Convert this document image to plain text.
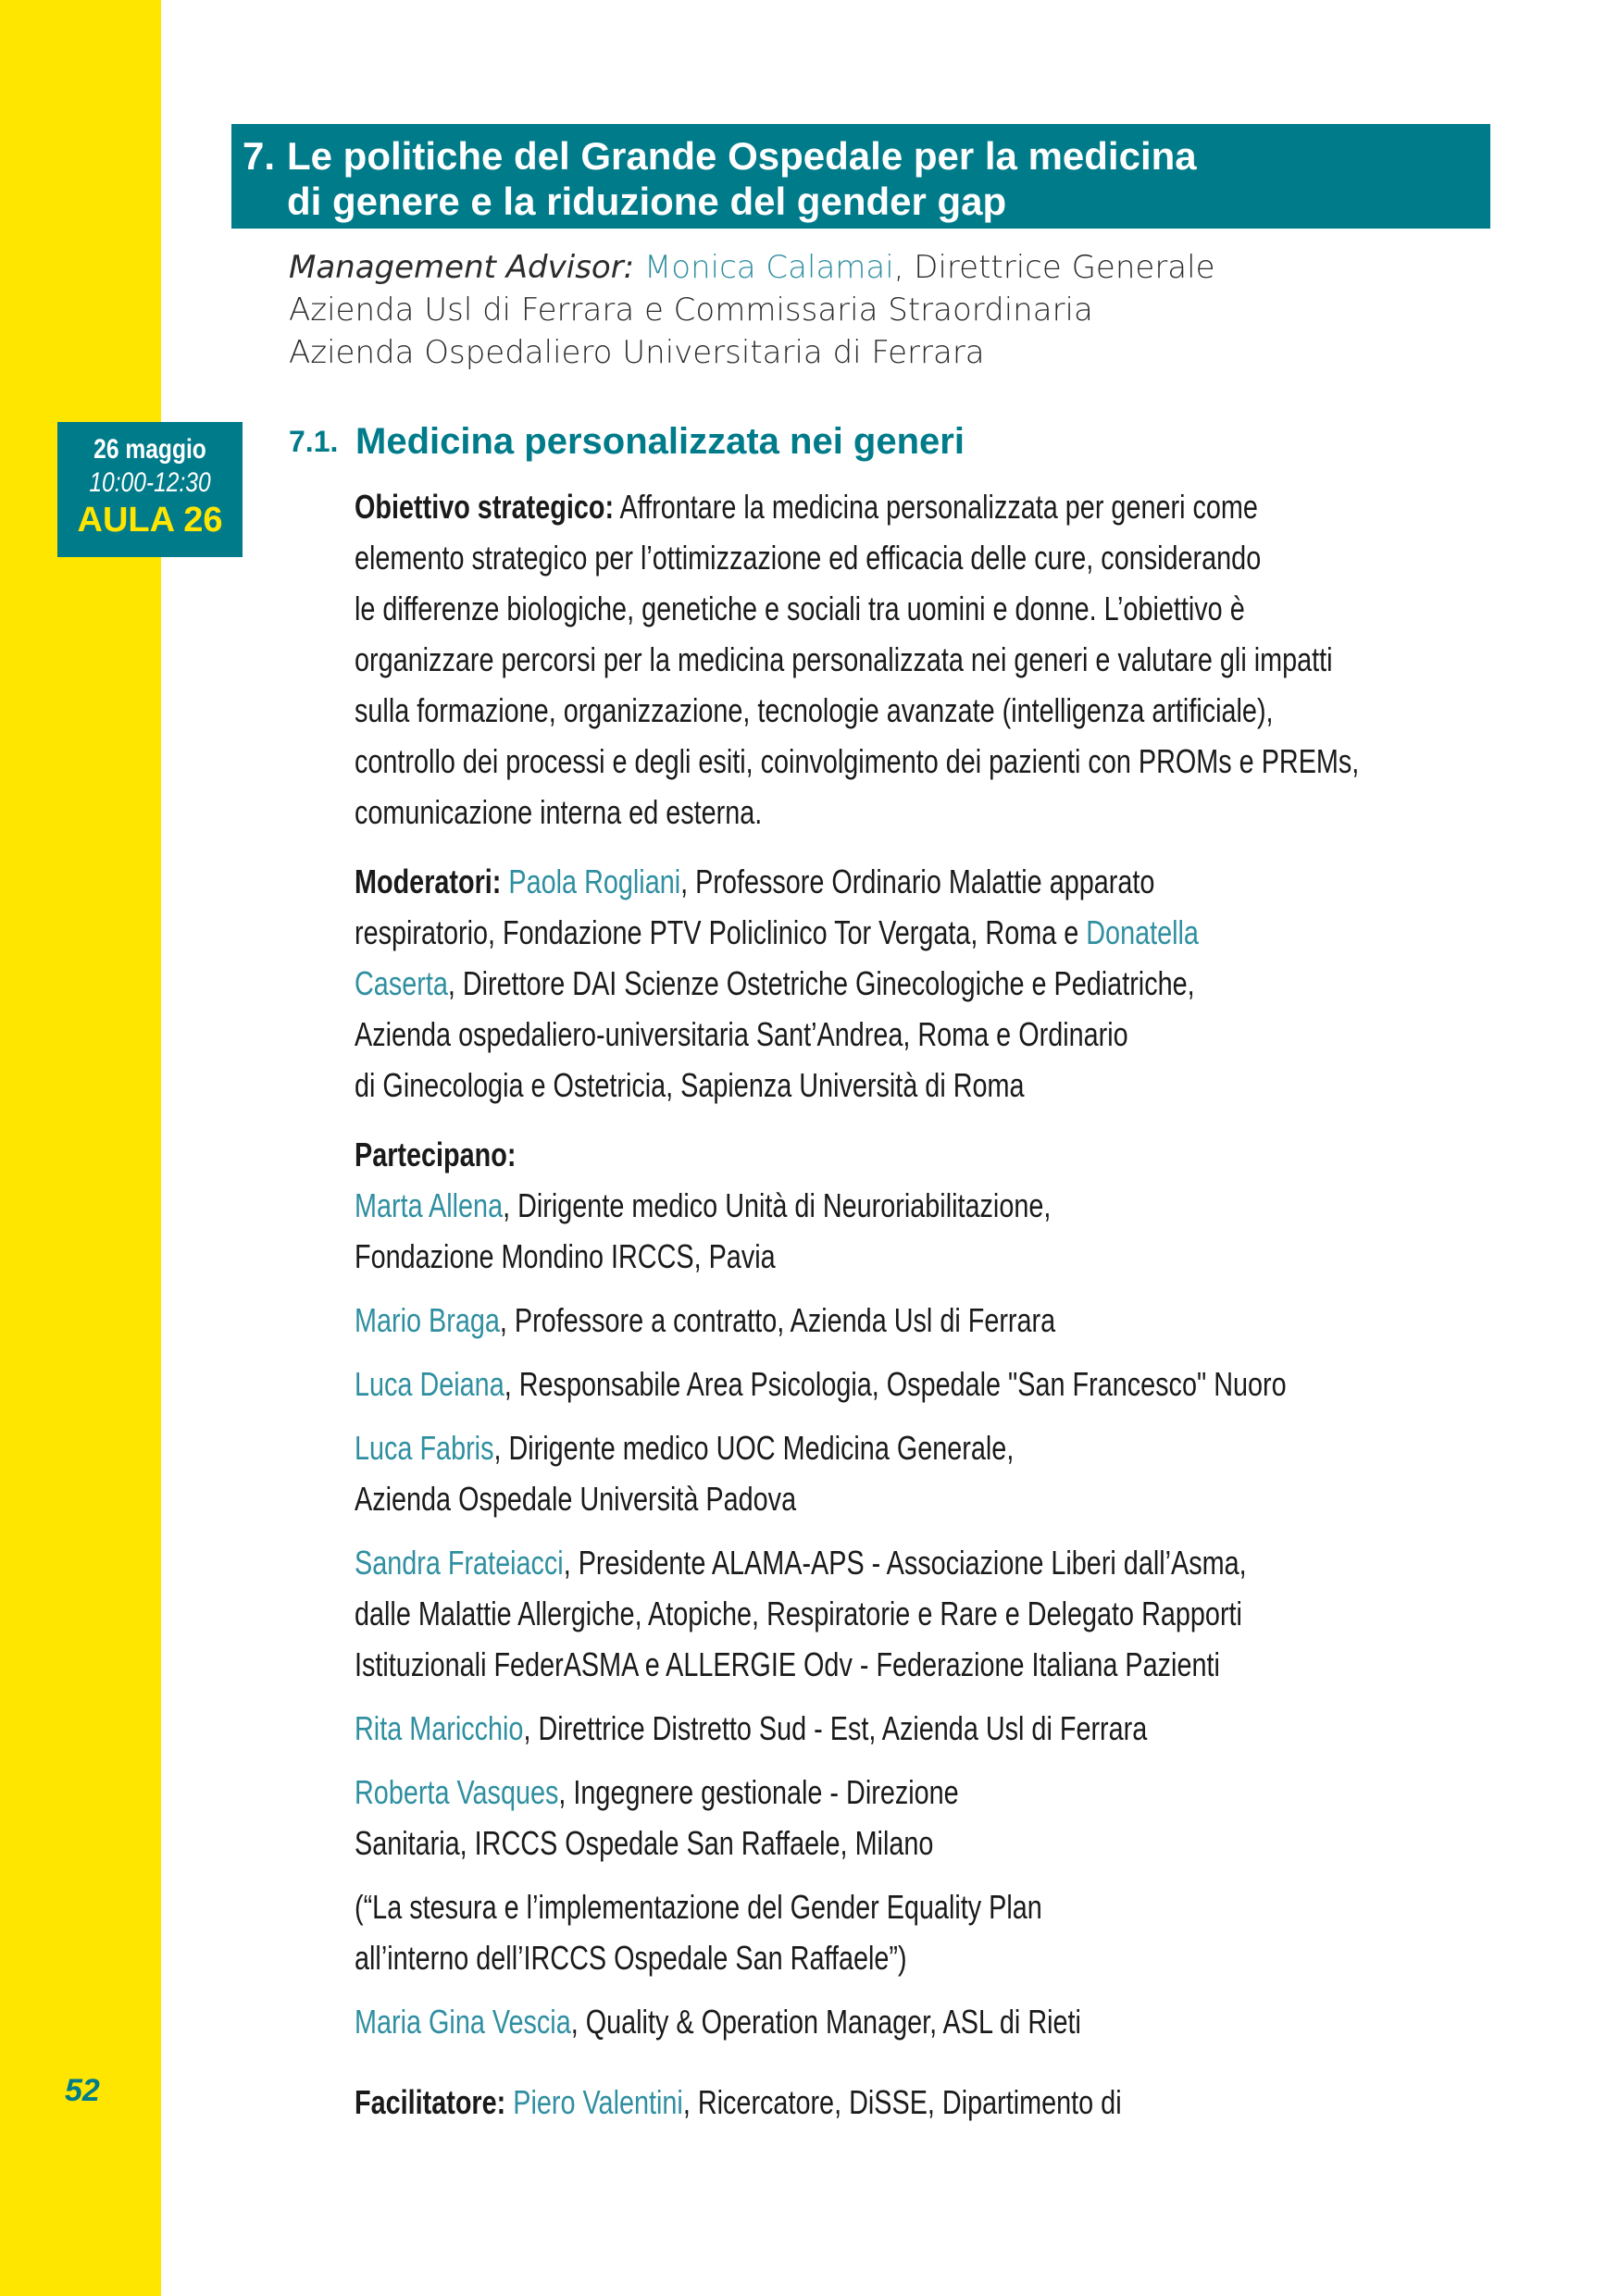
7. Le politiche del Grande Ospedale per la medicina
di genere e la riduzione del gender gap
Management Advisor: Monica Calamai, Direttrice Generale
Azienda Usl di Ferrara e Commissaria Straordinaria
Azienda Ospedaliero Universitaria di Ferrara
26 maggio
10:00-12:30
AULA 26
7.1. Medicina personalizzata nei generi

Obiettivo strategico: Affrontare la medicina personalizzata per generi come

elemento strategico per l’ottimizzazione ed efficacia delle cure, considerando

le differenze biologiche, genetiche e sociali tra uomini e donne. L’obiettivo è

organizzare percorsi per la medicina personalizzata nei generi e valutare gli impatti

sulla formazione, organizzazione, tecnologie avanzate (intelligenza artificiale),

controllo dei processi e degli esiti, coinvolgimento dei pazienti con PROMs e PREMs,

comunicazione interna ed esterna.

Moderatori: Paola Rogliani, Professore Ordinario Malattie apparato

respiratorio, Fondazione PTV Policlinico Tor Vergata, Roma e Donatella

Caserta, Direttore DAI Scienze Ostetriche Ginecologiche e Pediatriche,

Azienda ospedaliero-universitaria Sant’Andrea, Roma e Ordinario

di Ginecologia e Ostetricia, Sapienza Università di Roma

Partecipano:

Marta Allena, Dirigente medico Unità di Neuroriabilitazione,

Fondazione Mondino IRCCS, Pavia

Mario Braga, Professore a contratto, Azienda Usl di Ferrara

Luca Deiana, Responsabile Area Psicologia, Ospedale "San Francesco" Nuoro

Luca Fabris, Dirigente medico UOC Medicina Generale,

Azienda Ospedale Università Padova

Sandra Frateiacci, Presidente ALAMA-APS - Associazione Liberi dall’Asma,

dalle Malattie Allergiche, Atopiche, Respiratorie e Rare e Delegato Rapporti

Istituzionali FederASMA e ALLERGIE Odv - Federazione Italiana Pazienti

Rita Maricchio, Direttrice Distretto Sud - Est, Azienda Usl di Ferrara

Roberta Vasques, Ingegnere gestionale - Direzione

Sanitaria, IRCCS Ospedale San Raffaele, Milano

(“La stesura e l’implementazione del Gender Equality Plan

all’interno dell’IRCCS Ospedale San Raffaele”)

Maria Gina Vescia, Quality & Operation Manager, ASL di Rieti

Facilitatore: Piero Valentini, Ricercatore, DiSSE, Dipartimento di

52
